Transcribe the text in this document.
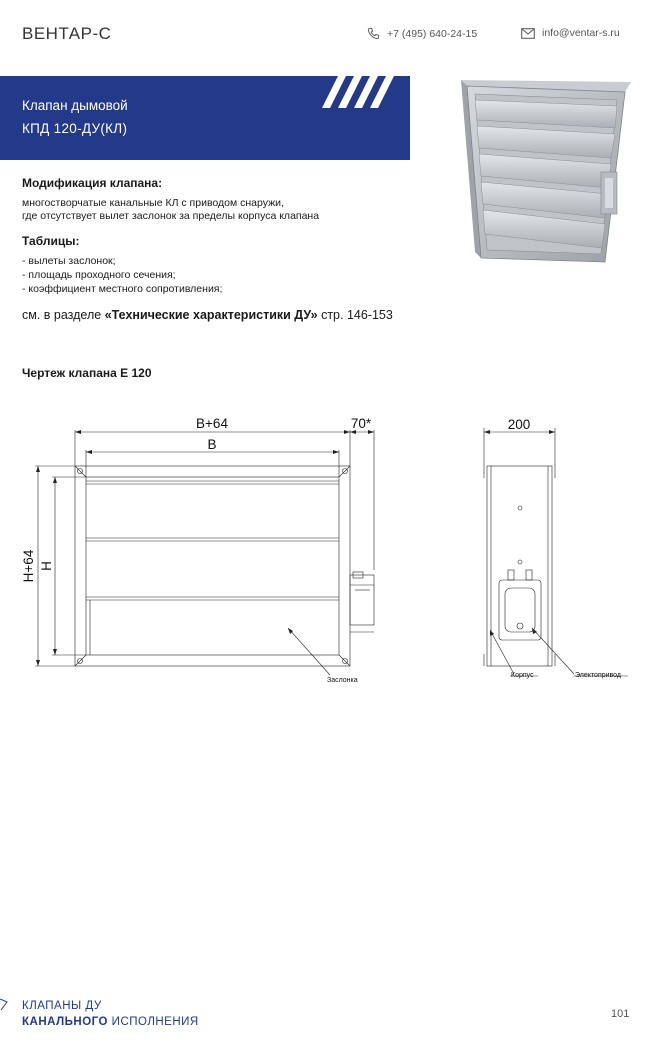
ВЕНТАР-С	+7 (495) 640-24-15	info@ventar-s.ru
Клапан дымовой
КПД 120-ДУ(КЛ)
Модификация клапана:
многостворчатые канальные КЛ с приводом снаружи,
где отсутствует вылет заслонок за пределы корпуса клапана
Таблицы:
- вылеты заслонок;
- площадь проходного сечения;
- коэффициент местного сопротивления;
см. в разделе «Технические характеристики ДУ» стр. 146-153
Чертеж клапана Е 120
B+64
B
70*	200
H+64 H
Заслонка
Корпус	Электопривод
КЛАПАНЫ ДУ
КАНАЛЬНОГО ИСПОЛНЕНИЯ
101
